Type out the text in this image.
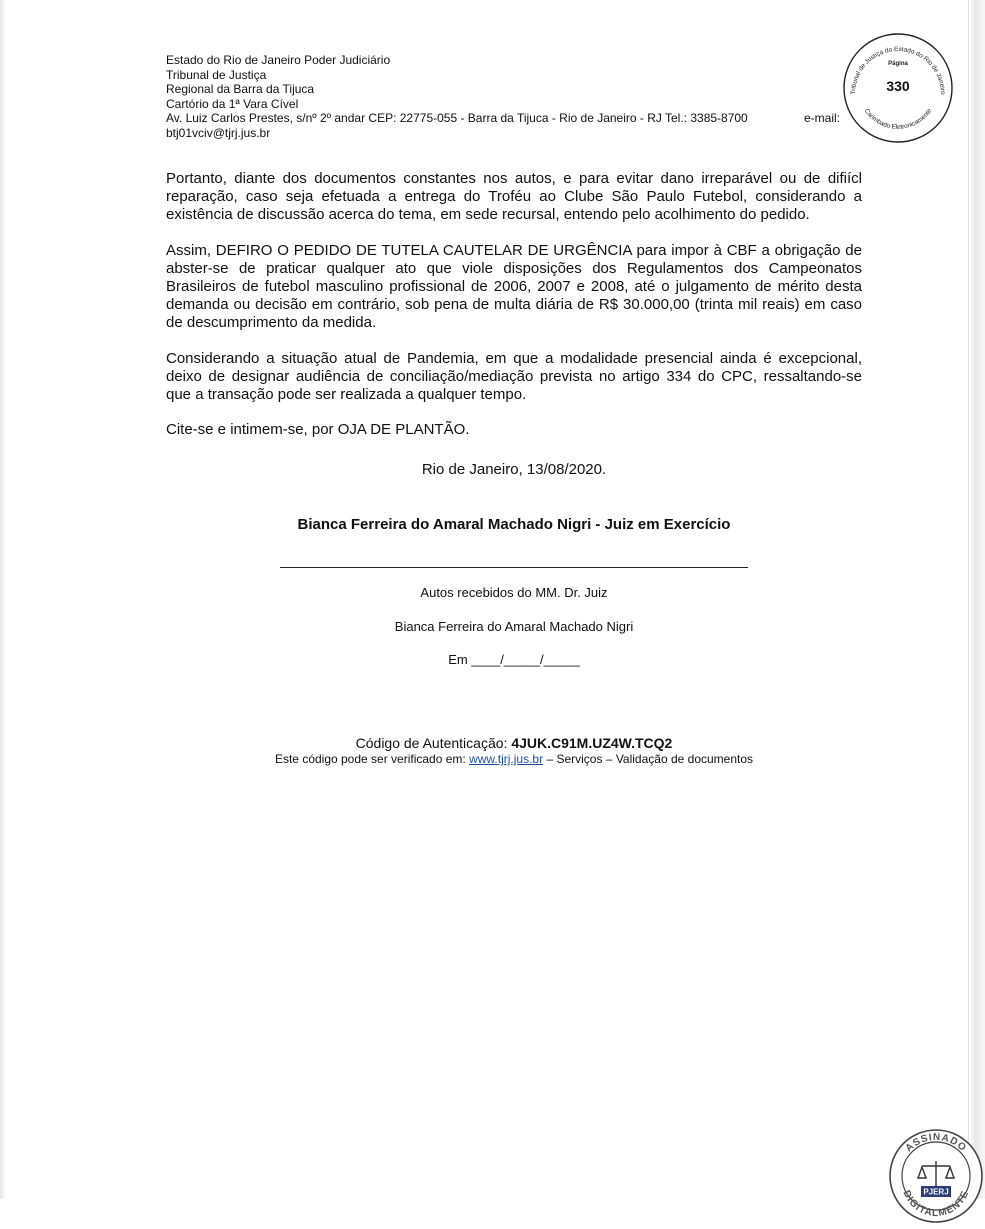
Estado do Rio de Janeiro Poder Judiciário
Tribunal de Justiça
Regional da Barra da Tijuca
Cartório da 1ª Vara Cível
Av. Luiz Carlos Prestes, s/nº 2º andar CEP: 22775-055 - Barra da Tijuca - Rio de Janeiro - RJ Tel.: 3385-8700	e-mail:
btj01vciv@tjrj.jus.br
Tribunal de Justiça do Estado do Rio de Janeiro
Carimbado Eletronicamente
Página
330

Portanto, diante dos documentos constantes nos autos, e para evitar dano irreparável ou de difiícl reparação, caso seja efetuada a entrega do Troféu ao Clube São Paulo Futebol, considerando a existência de discussão acerca do tema, em sede recursal, entendo pelo acolhimento do pedido.

Assim, DEFIRO O PEDIDO DE TUTELA CAUTELAR DE URGÊNCIA para impor à CBF a obrigação de abster-se de praticar qualquer ato que viole disposições dos Regulamentos dos Campeonatos Brasileiros de futebol masculino profissional de 2006, 2007 e 2008, até o julgamento de mérito desta demanda ou decisão em contrário, sob pena de multa diária de R$ 30.000,00 (trinta mil reais) em caso de descumprimento da medida.

Considerando a situação atual de Pandemia, em que a modalidade presencial ainda é excepcional, deixo de designar audiência de conciliação/mediação prevista no artigo 334 do CPC, ressaltando-se que a transação pode ser realizada a qualquer tempo.

Cite-se e intimem-se, por OJA DE PLANTÃO.

Rio de Janeiro, 13/08/2020.
Bianca Ferreira do Amaral Machado Nigri - Juiz em Exercício
Autos recebidos do MM. Dr. Juiz
Bianca Ferreira do Amaral Machado Nigri
Em ____/_____/_____
Código de Autenticação: 4JUK.C91M.UZ4W.TCQ2
Este código pode ser verificado em: www.tjrj.jus.br – Serviços – Validação de documentos
ASSINADO
DIGITALMENTE
PJERJ
